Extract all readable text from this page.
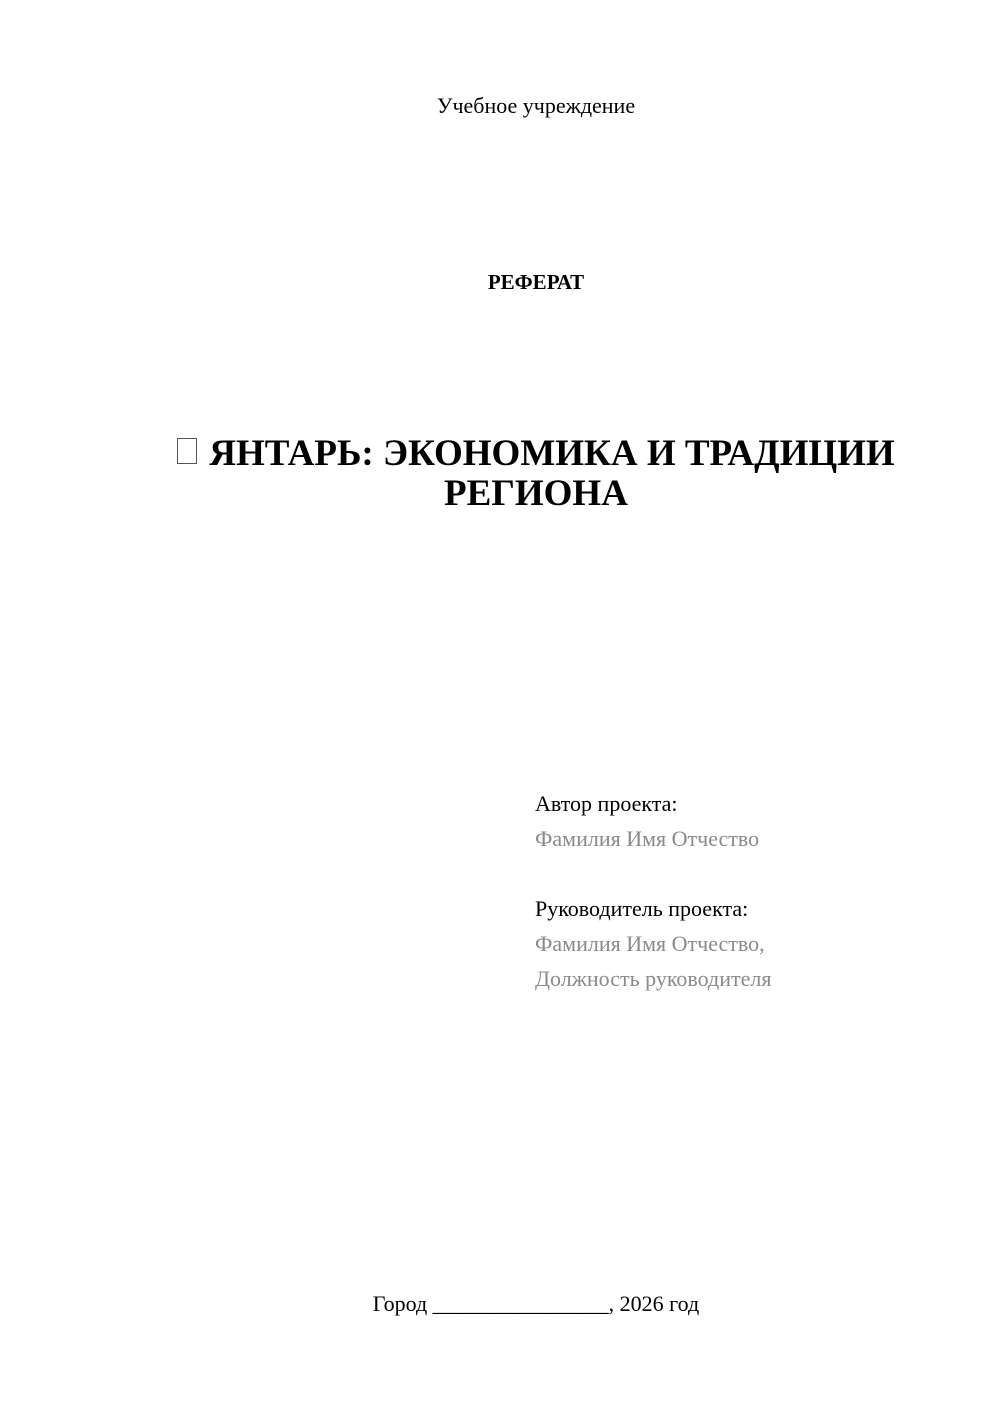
Учебное учреждение
РЕФЕРАТ
ЯНТАРЬ: ЭКОНОМИКА И ТРАДИЦИИ РЕГИОНА
Автор проекта:
Фамилия Имя Отчество
Руководитель проекта:
Фамилия Имя Отчество,
Должность руководителя
Город ________________, 2026 год
